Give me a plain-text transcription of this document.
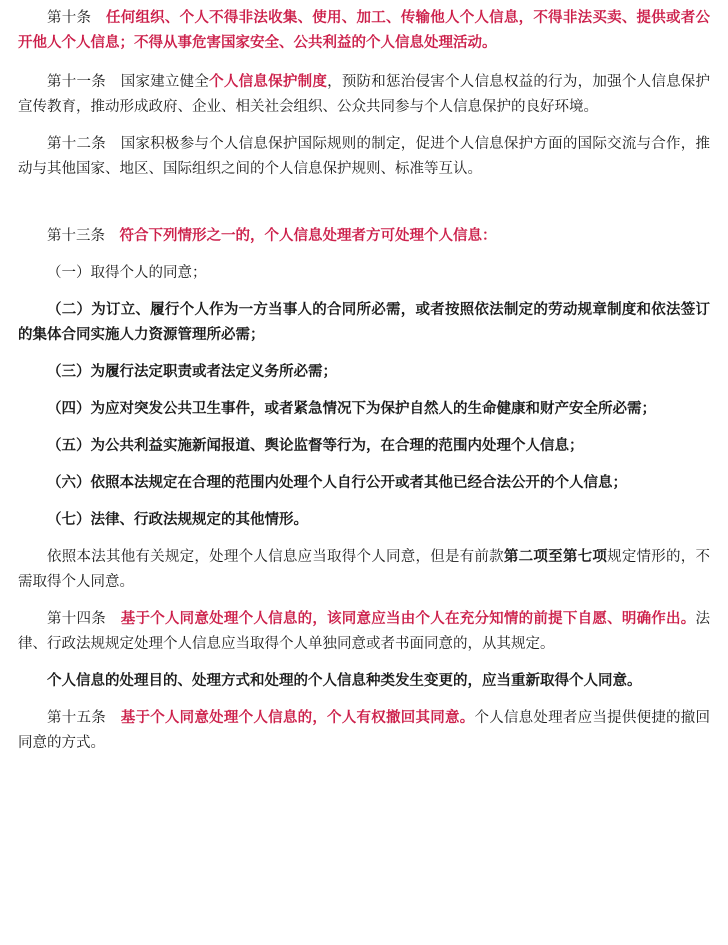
第十条　 任何组织、个人不得非法收集、使用、加工、传输他人个人信息，不得非法买卖、提供或者公开他人个人信息；不得从事危害国家安全、公共利益的个人信息处理活动。

第十一条　 国家建立健全个人信息保护制度，预防和惩治侵害个人信息权益的行为，加强个人信息保护宣传教育，推动形成政府、企业、相关社会组织、公众共同参与个人信息保护的良好环境。

第十二条　 国家积极参与个人信息保护国际规则的制定，促进个人信息保护方面的国际交流与合作，推动与其他国家、地区、国际组织之间的个人信息保护规则、标准等互认。

第十三条　 符合下列情形之一的，个人信息处理者方可处理个人信息：

（一）取得个人的同意；

（二）为订立、履行个人作为一方当事人的合同所必需，或者按照依法制定的劳动规章制度和依法签订的集体合同实施人力资源管理所必需；

（三）为履行法定职责或者法定义务所必需；

（四）为应对突发公共卫生事件，或者紧急情况下为保护自然人的生命健康和财产安全所必需；

（五）为公共利益实施新闻报道、舆论监督等行为，在合理的范围内处理个人信息；

（六）依照本法规定在合理的范围内处理个人自行公开或者其他已经合法公开的个人信息；

（七）法律、行政法规规定的其他情形。

依照本法其他有关规定，处理个人信息应当取得个人同意，但是有前款第二项至第七项规定情形的，不需取得个人同意。

第十四条　 基于个人同意处理个人信息的，该同意应当由个人在充分知情的前提下自愿、明确作出。法律、行政法规规定处理个人信息应当取得个人单独同意或者书面同意的，从其规定。

个人信息的处理目的、处理方式和处理的个人信息种类发生变更的，应当重新取得个人同意。

第十五条　 基于个人同意处理个人信息的，个人有权撤回其同意。个人信息处理者应当提供便捷的撤回同意的方式。
